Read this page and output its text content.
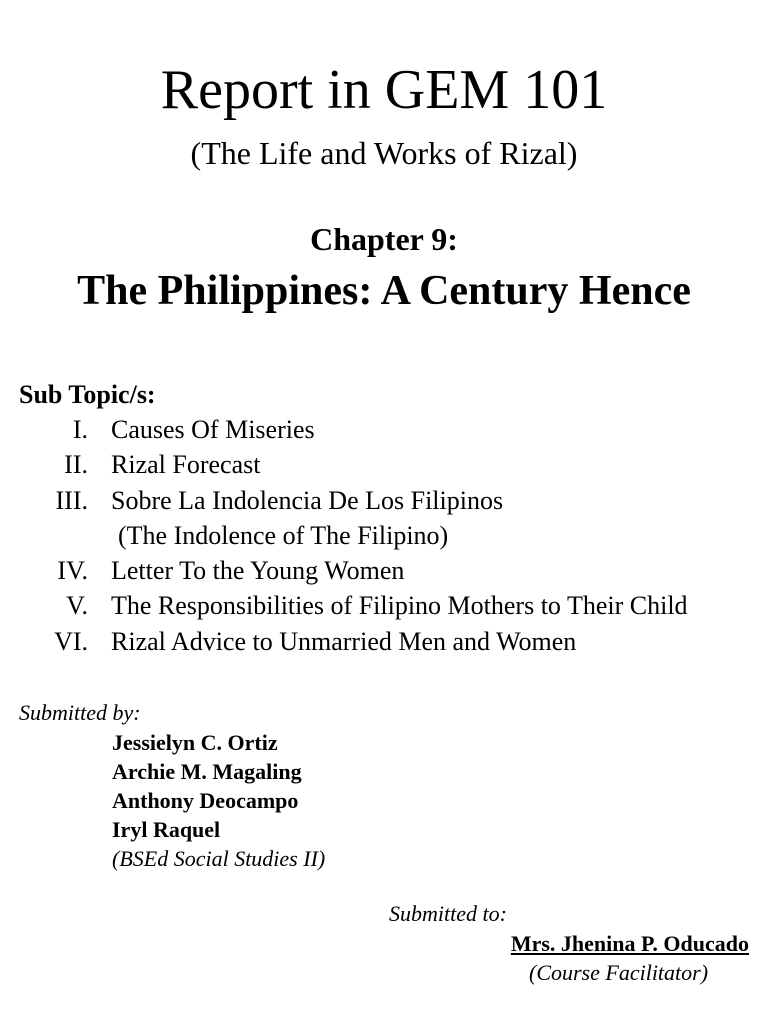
Report in GEM 101
(The Life and Works of Rizal)
Chapter 9:
The Philippines: A Century Hence
Sub Topic/s:
I. Causes Of Miseries
II. Rizal Forecast
III. Sobre La Indolencia De Los Filipinos
(The Indolence of The Filipino)
IV. Letter To the Young Women
V. The Responsibilities of Filipino Mothers to Their Child
VI. Rizal Advice to Unmarried Men and Women
Submitted by:
Jessielyn C. Ortiz
Archie M. Magaling
Anthony Deocampo
Iryl Raquel
(BSEd Social Studies II)
Submitted to:
Mrs. Jhenina P. Oducado
(Course Facilitator)
